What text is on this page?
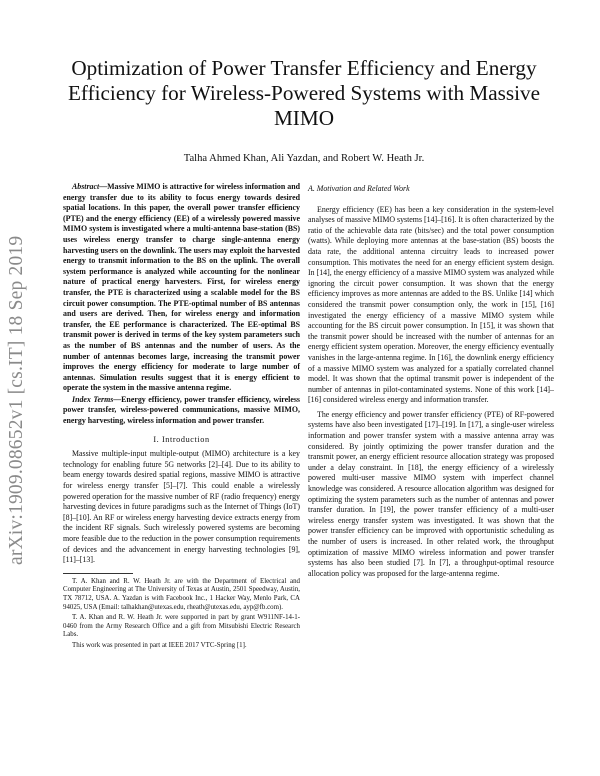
arXiv:1909.08652v1 [cs.IT] 18 Sep 2019
Optimization of Power Transfer Efficiency and Energy Efficiency for Wireless-Powered Systems with Massive MIMO
Talha Ahmed Khan, Ali Yazdan, and Robert W. Heath Jr.

Abstract—Massive MIMO is attractive for wireless information and energy transfer due to its ability to focus energy towards desired spatial locations. In this paper, the overall power transfer efficiency (PTE) and the energy efficiency (EE) of a wirelessly powered massive MIMO system is investigated where a multi-antenna base-station (BS) uses wireless energy transfer to charge single-antenna energy harvesting users on the downlink. The users may exploit the harvested energy to transmit information to the BS on the uplink. The overall system performance is analyzed while accounting for the nonlinear nature of practical energy harvesters. First, for wireless energy transfer, the PTE is characterized using a scalable model for the BS circuit power consumption. The PTE-optimal number of BS antennas and users are derived. Then, for wireless energy and information transfer, the EE performance is characterized. The EE-optimal BS transmit power is derived in terms of the key system parameters such as the number of BS antennas and the number of users. As the number of antennas becomes large, increasing the transmit power improves the energy efficiency for moderate to large number of antennas. Simulation results suggest that it is energy efficient to operate the system in the massive antenna regime.

Index Terms—Energy efficiency, power transfer efficiency, wireless power transfer, wireless-powered communications, massive MIMO, energy harvesting, wireless information and power transfer.

I. Introduction

Massive multiple-input multiple-output (MIMO) architecture is a key technology for enabling future 5G networks [2]–[4]. Due to its ability to beam energy towards desired spatial regions, massive MIMO is attractive for wireless energy transfer [5]–[7]. This could enable a wirelessly powered operation for the massive number of RF (radio frequency) energy harvesting devices in future paradigms such as the Internet of Things (IoT) [8]–[10]. An RF or wireless energy harvesting device extracts energy from the incident RF signals. Such wirelessly powered systems are becoming more feasible due to the reduction in the power consumption requirements of devices and the advancement in energy harvesting technologies [9], [11]–[13].

T. A. Khan and R. W. Heath Jr. are with the Department of Electrical and Computer Engineering at The University of Texas at Austin, 2501 Speedway, Austin, TX 78712, USA. A. Yazdan is with Facebook Inc., 1 Hacker Way, Menlo Park, CA 94025, USA (Email: talhakhan@utexas.edu, rheath@utexas.edu, ayp@fb.com).

T. A. Khan and R. W. Heath Jr. were supported in part by grant W911NF-14-1-0460 from the Army Research Office and a gift from Mitsubishi Electric Research Labs.

This work was presented in part at IEEE 2017 VTC-Spring [1].

A. Motivation and Related Work

Energy efficiency (EE) has been a key consideration in the system-level analyses of massive MIMO systems [14]–[16]. It is often characterized by the ratio of the achievable data rate (bits/sec) and the total power consumption (watts). While deploying more antennas at the base-station (BS) boosts the data rate, the additional antenna circuitry leads to increased power consumption. This motivates the need for an energy efficient system design. In [14], the energy efficiency of a massive MIMO system was analyzed while ignoring the circuit power consumption. It was shown that the energy efficiency improves as more antennas are added to the BS. Unlike [14] which considered the transmit power consumption only, the work in [15], [16] investigated the energy efficiency of a massive MIMO system while accounting for the BS circuit power consumption. In [15], it was shown that the transmit power should be increased with the number of antennas for an energy efficient system operation. Moreover, the energy efficiency eventually vanishes in the large-antenna regime. In [16], the downlink energy efficiency of a massive MIMO system was analyzed for a spatially correlated channel model. It was shown that the optimal transmit power is independent of the number of antennas in pilot-contaminated systems. None of this work [14]–[16] considered wireless energy and information transfer.

The energy efficiency and power transfer efficiency (PTE) of RF-powered systems have also been investigated [17]–[19]. In [17], a single-user wireless information and power transfer system with a massive antenna array was considered. By jointly optimizing the power transfer duration and the transmit power, an energy efficient resource allocation strategy was proposed under a delay constraint. In [18], the energy efficiency of a wirelessly powered multi-user massive MIMO system with imperfect channel knowledge was considered. A resource allocation algorithm was designed for optimizing the system parameters such as the number of antennas and power transfer duration. In [19], the power transfer efficiency of a multi-user wireless energy transfer system was investigated. It was shown that the power transfer efficiency can be improved with opportunistic scheduling as the number of users is increased. In other related work, the throughput optimization of massive MIMO wireless information and power transfer systems has also been studied [7]. In [7], a throughput-optimal resource allocation policy was proposed for the large-antenna regime.
